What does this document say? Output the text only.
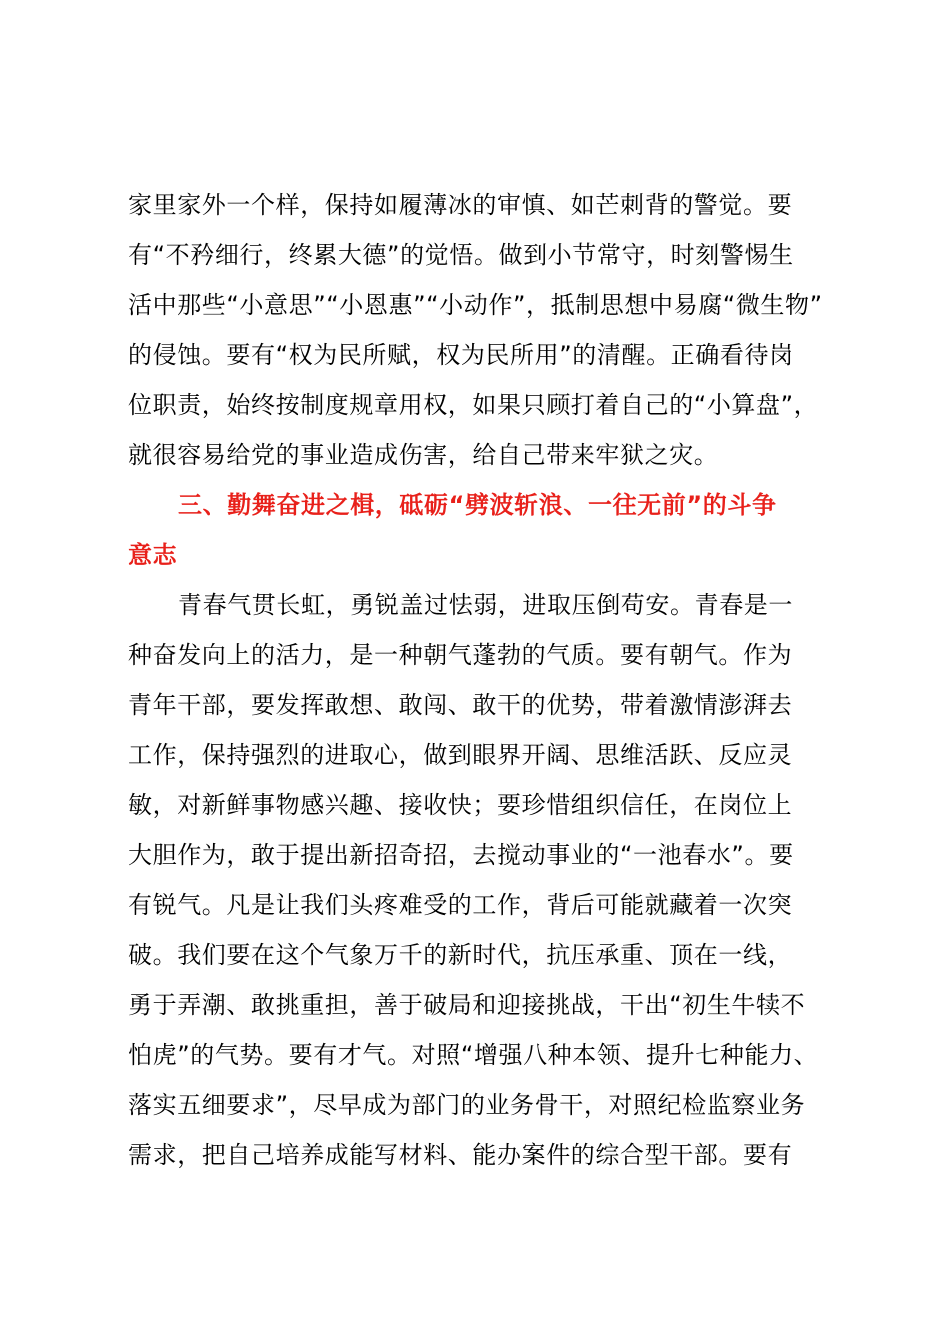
家里家外一个样，保持如履薄冰的审慎、如芒刺背的警觉。要
有“不矜细行，终累大德”的觉悟。做到小节常守，时刻警惕生
活中那些“小意思”“小恩惠”“小动作”，抵制思想中易腐“微生物”
的侵蚀。要有“权为民所赋，权为民所用”的清醒。正确看待岗
位职责，始终按制度规章用权，如果只顾打着自己的“小算盘”，
就很容易给党的事业造成伤害，给自己带来牢狱之灾。
三、勤舞奋进之楫，砥砺“劈波斩浪、一往无前”的斗争
意志
青春气贯长虹，勇锐盖过怯弱，进取压倒苟安。青春是一
种奋发向上的活力，是一种朝气蓬勃的气质。要有朝气。作为
青年干部，要发挥敢想、敢闯、敢干的优势，带着激情澎湃去
工作，保持强烈的进取心，做到眼界开阔、思维活跃、反应灵
敏，对新鲜事物感兴趣、接收快；要珍惜组织信任，在岗位上
大胆作为，敢于提出新招奇招，去搅动事业的“一池春水”。要
有锐气。凡是让我们头疼难受的工作，背后可能就藏着一次突
破。我们要在这个气象万千的新时代，抗压承重、顶在一线，
勇于弄潮、敢挑重担，善于破局和迎接挑战，干出“初生牛犊不
怕虎”的气势。要有才气。对照“增强八种本领、提升七种能力、
落实五细要求”，尽早成为部门的业务骨干，对照纪检监察业务
需求，把自己培养成能写材料、能办案件的综合型干部。要有
